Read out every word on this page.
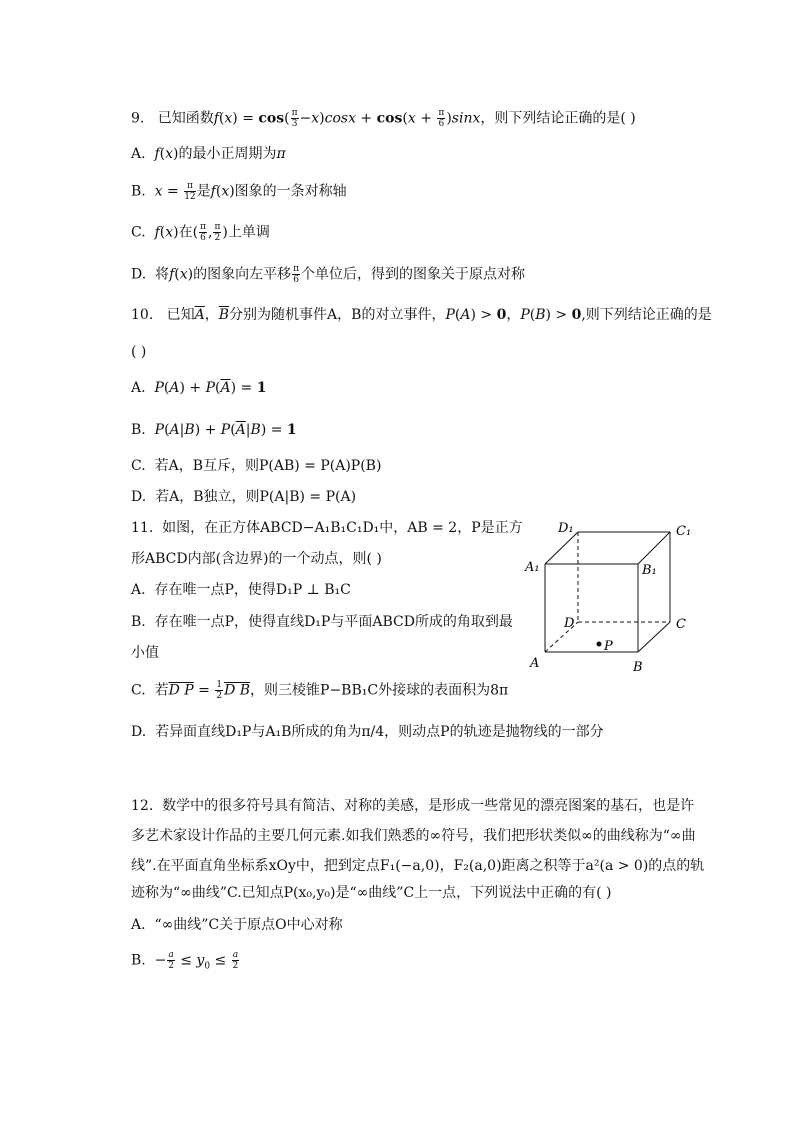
9. 已知函数$f(x) = \cos( \frac{\pi}{3} -x)\cos x + \cos(x + \frac{\pi}{6} )\sin x$，则下列结论正确的是( )
A. f(x)的最小正周期为π
B. $x = \frac{\pi}{12}$ 是f(x)图象的一条对称轴
C. f(x)在( $\frac{\pi}{6}$ , $\frac{\pi}{2}$ )上单调
D.  将f(x)的图象向左平移 $\frac{\pi}{6}$ 个单位后，得到的图象关于原点对称
10. 已知$\overline{A}$，$\overline{B}$分别为随机事件A，B的对立事件，P(A) > 0，P(B) > 0,则下列结论正确的是
( )
A. $P(A) + P(\overline{A}) = 1$
B. $P(A|B) + P(\overline{A}|B) = 1$
C. 若A，B互斥，则P(AB) = P(A)P(B)
D. 若A，B独立，则P(A|B) = P(A)
11. 如图，在正方体ABCD−A₁B₁C₁D₁中，AB = 2，P是正方
形ABCD内部(含边界)的一个动点，则( )
A. 存在唯一点P，使得D₁P ⊥ B₁C
B. 存在唯一点P，使得直线D₁P与平面ABCD所成的角取到最
小值
C.  若D $P = \frac{1}{2}$ D B，则三棱锥P−BB₁C外接球的表面积为8π
D. 若异面直线D₁P与A₁B所成的角为π/4，则动点P的轨迹是抛物线的一部分
D₁	C₁
A₁	B₁
D	C
A	B
P
12. 数学中的很多符号具有简洁、对称的美感，是形成一些常见的漂亮图案的基石，也是许
多艺术家设计作品的主要几何元素.如我们熟悉的∞符号，我们把形状类似∞的曲线称为“∞曲
线”.在平面直角坐标系xOy中，把到定点F₁(−a,0)，F₂(a,0)距离之积等于a²(a > 0)的点的轨
迹称为“∞曲线”C.已知点P(x₀,y₀)是“∞曲线”C上一点，下列说法中正确的有( )
A. “∞曲线”C关于原点O中心对称
B.  − $\frac{a}{2} \le y_0 \le \frac{a}{2}$
